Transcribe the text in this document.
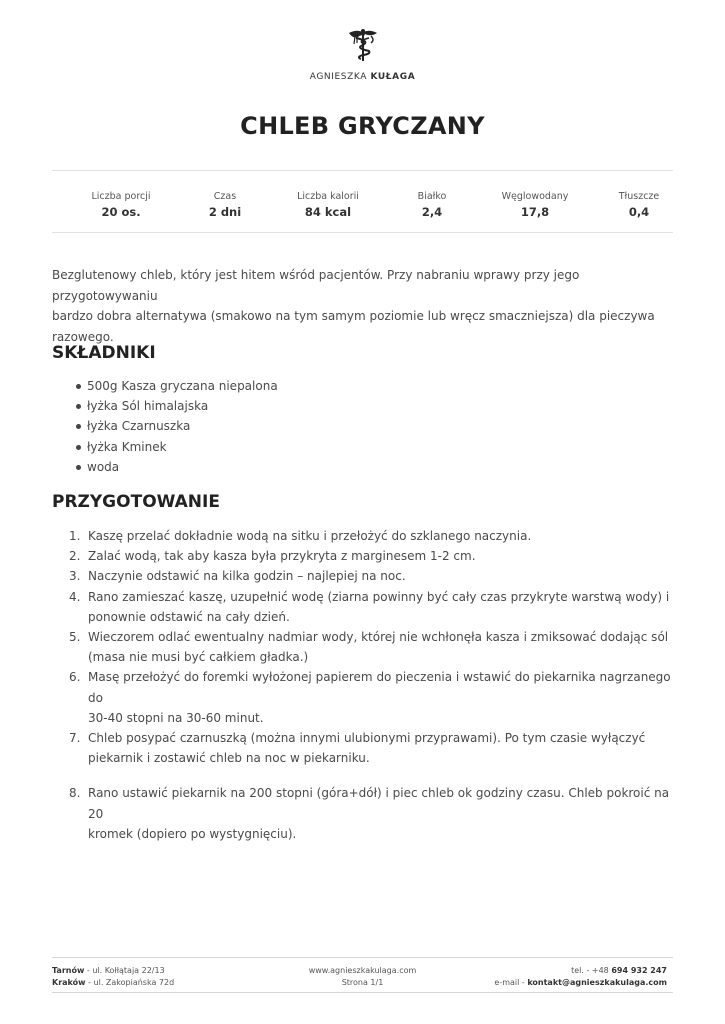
AGNIESZKA KUŁAGA
CHLEB GRYCZANY
Liczba porcji
20 os.
Czas
2 dni
Liczba kalorii
84 kcal
Białko
2,4
Węglowodany
17,8
Tłuszcze
0,4
Bezglutenowy chleb, który jest hitem wśród pacjentów. Przy nabraniu wprawy przy jego przygotowywaniu
bardzo dobra alternatywa (smakowo na tym samym poziomie lub wręcz smaczniejsza) dla pieczywa
razowego.
SKŁADNIKI
500g Kasza gryczana niepalona
łyżka Sól himalajska
łyżka Czarnuszka
łyżka Kminek
woda
PRZYGOTOWANIE
1. Kaszę przelać dokładnie wodą na sitku i przełożyć do szklanego naczynia.
2. Zalać wodą, tak aby kasza była przykryta z marginesem 1-2 cm.
3. Naczynie odstawić na kilka godzin – najlepiej na noc.
4. Rano zamieszać kaszę, uzupełnić wodę (ziarna powinny być cały czas przykryte warstwą wody) i
ponownie odstawić na cały dzień.
5. Wieczorem odlać ewentualny nadmiar wody, której nie wchłonęła kasza i zmiksować dodając sól
(masa nie musi być całkiem gładka.)
6. Masę przełożyć do foremki wyłożonej papierem do pieczenia i wstawić do piekarnika nagrzanego do
30-40 stopni na 30-60 minut.
7. Chleb posypać czarnuszką (można innymi ulubionymi przyprawami). Po tym czasie wyłączyć
piekarnik i zostawić chleb na noc w piekarniku.
8. Rano ustawić piekarnik na 200 stopni (góra+dół) i piec chleb ok godziny czasu. Chleb pokroić na 20
kromek (dopiero po wystygnięciu).
Tarnów - ul. Kołłątaja 22/13
Kraków - ul. Zakopiańska 72d
www.agnieszkakulaga.com
Strona 1/1
tel. - +48 694 932 247
e-mail - kontakt@agnieszkakulaga.com
